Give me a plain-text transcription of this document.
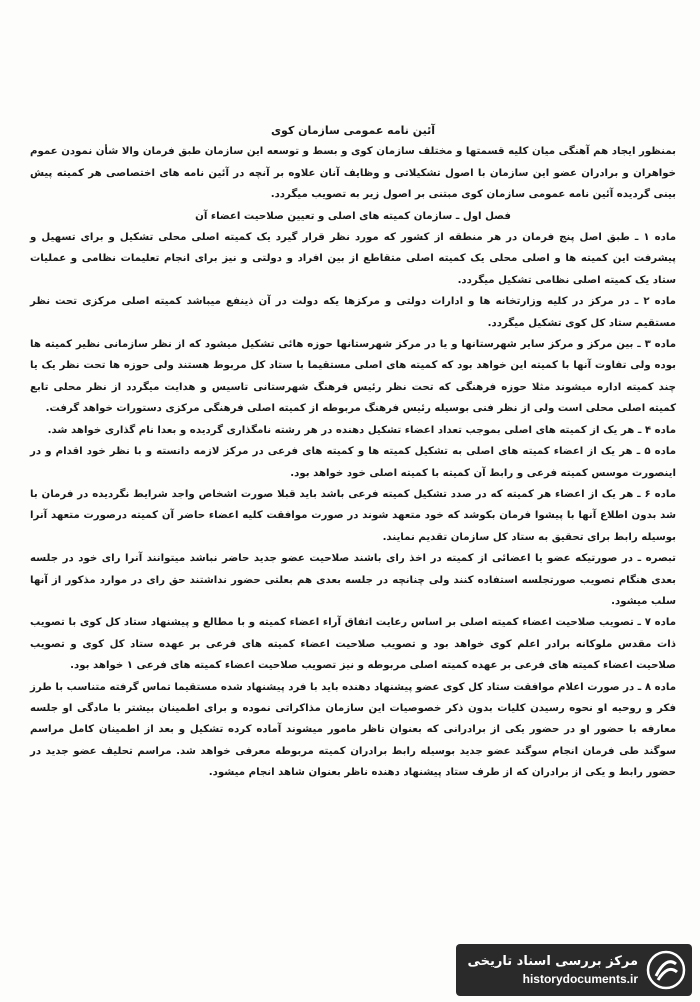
آئین نامه عمومی سازمان کوی

بمنظور ایجاد هم آهنگی میان کلیه قسمتها و مختلف سازمان کوی و بسط و توسعه این سازمان طبق فرمان والا شأن نمودن عموم خواهران و برادران عضو این سازمان با اصول تشکیلاتی و وظایف آنان علاوه بر آنچه در آئین نامه های اختصاصی هر کمیته پیش بینی گردیده آئین نامه عمومی سازمان کوی مبتنی بر اصول زیر به تصویب میگردد.

فصل اول ـ سازمان کمیته های اصلی و تعیین صلاحیت اعضاء آن

ماده ۱ ـ طبق اصل پنج فرمان در هر منطقه از کشور که مورد نظر قرار گیرد یک کمیته اصلی محلی تشکیل و برای تسهیل و پیشرفت این کمیته ها و اصلی محلی یک کمیته اصلی متقاطع از بین افراد و دولتی و نیز برای انجام تعلیمات نظامی و عملیات ستاد یک کمیته اصلی نظامی تشکیل میگردد.

ماده ۲ ـ در مرکز در کلیه وزارتخانه ها و ادارات دولتی و مرکزها یکه دولت در آن ذینفع میباشد کمیته اصلی مرکزی تحت نظر مستقیم ستاد کل کوی تشکیل میگردد.

ماده ۳ ـ بین مرکز و مرکز سایر شهرستانها و یا در مرکز شهرستانها حوزه هائی تشکیل میشود که از نظر سازمانی نظیر کمیته ها بوده ولی تفاوت آنها با کمیته این خواهد بود که کمیته های اصلی مستقیما با ستاد کل مربوط هستند ولی حوزه ها تحت نظر یک یا چند کمیته اداره میشوند مثلا حوزه فرهنگی که تحت نظر رئیس فرهنگ شهرستانی تاسیس و هدایت میگردد از نظر محلی تابع کمیته اصلی محلی است ولی از نظر فنی بوسیله رئیس فرهنگ مربوطه از کمیته اصلی فرهنگی مرکزی دستورات خواهد گرفت.

ماده ۴ ـ هر یک از کمیته های اصلی بموجب تعداد اعضاء تشکیل دهنده در هر رشته نامگذاری گردیده و بعدا نام گذاری خواهد شد.

ماده ۵ ـ هر یک از اعضاء کمیته های اصلی به تشکیل کمیته ها و کمیته های فرعی در مرکز لازمه دانسته و با نظر خود اقدام و در اینصورت موسس کمیته فرعی و رابط آن کمیته با کمیته اصلی خود خواهد بود.

ماده ۶ ـ هر یک از اعضاء هر کمیته که در صدد تشکیل کمیته فرعی باشد باید قبلا صورت اشخاص واجد شرایط نگردیده در فرمان با شد بدون اطلاع آنها با پیشوا فرمان بکوشد که خود متعهد شوند در صورت موافقت کلیه اعضاء حاضر آن کمیته درصورت متعهد آنرا بوسیله رابط برای تحقیق به ستاد کل سازمان تقدیم نمایند.

تبصره ـ در صورتیکه عضو یا اعضائی از کمیته در اخذ رای باشند صلاحیت عضو جدید حاضر نباشد میتوانند آنرا رای خود در جلسه بعدی هنگام تصویب صورتجلسه استفاده کنند ولی چنانچه در جلسه بعدی هم بعلتی حضور نداشتند حق رای در موارد مذکور از آنها سلب میشود.

ماده ۷ ـ تصویب صلاحیت اعضاء کمیته اصلی بر اساس رعایت اتفاق آراء اعضاء کمیته و با مطالع و پیشنهاد ستاد کل کوی با تصویب ذات مقدس ملوکانه برادر اعلم کوی خواهد بود و تصویب صلاحیت اعضاء کمیته های فرعی بر عهده ستاد کل کوی و تصویب صلاحیت اعضاء کمیته های فرعی بر عهده کمیته اصلی مربوطه و نیز تصویب صلاحیت اعضاء کمیته های فرعی ۱ خواهد بود.

ماده ۸ ـ در صورت اعلام موافقت ستاد کل کوی عضو پیشنهاد دهنده باید با فرد پیشنهاد شده مستقیما تماس گرفته متناسب با طرز فکر و روحیه او نحوه رسیدن کلیات بدون ذکر خصوصیات این سازمان مذاکراتی نموده و برای اطمینان بیشتر با مادگی او جلسه معارفه با حضور او در حضور یکی از برادرانی که بعنوان ناظر مامور میشوند آماده کرده تشکیل و بعد از اطمینان کامل مراسم سوگند طی فرمان انجام سوگند عضو جدید بوسیله رابط برادران کمیته مربوطه معرفی خواهد شد. مراسم تحلیف عضو جدید در حضور رابط و یکی از برادران که از طرف ستاد پیشنهاد دهنده ناظر بعنوان شاهد انجام میشود.

مرکز بررسی اسناد تاریخی
historydocuments.ir
